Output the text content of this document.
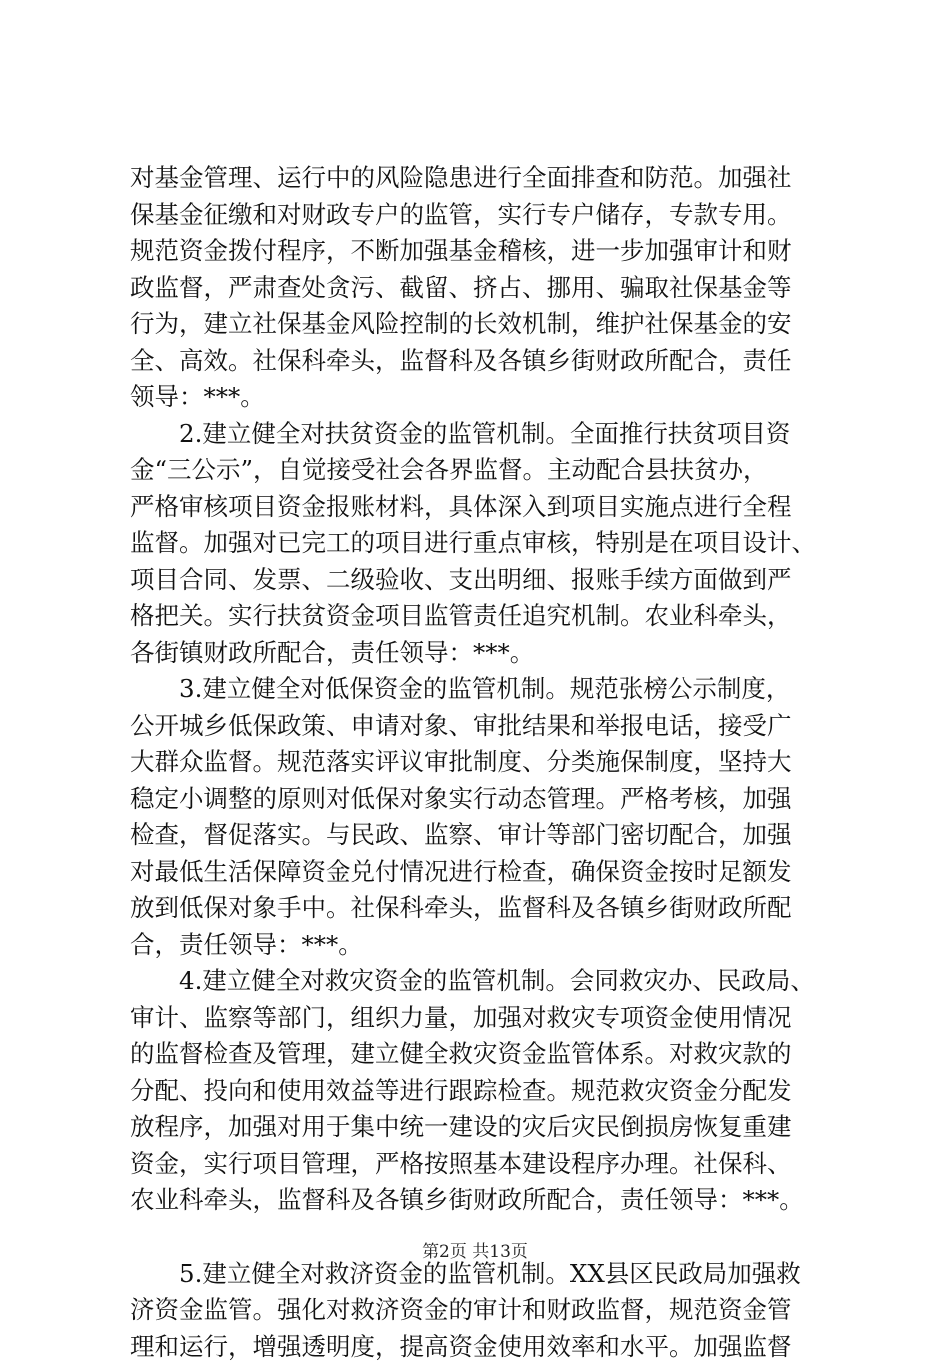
对基金管理、运行中的风险隐患进行全面排查和防范。加强社
保基金征缴和对财政专户的监管，实行专户储存，专款专用。
规范资金拨付程序，不断加强基金稽核，进一步加强审计和财
政监督，严肃查处贪污、截留、挤占、挪用、骗取社保基金等
行为，建立社保基金风险控制的长效机制，维护社保基金的安
全、高效。社保科牵头，监督科及各镇乡街财政所配合，责任
领导：***。
2.建立健全对扶贫资金的监管机制。全面推行扶贫项目资
金“三公示”，自觉接受社会各界监督。主动配合县扶贫办，
严格审核项目资金报账材料，具体深入到项目实施点进行全程
监督。加强对已完工的项目进行重点审核，特别是在项目设计、
项目合同、发票、二级验收、支出明细、报账手续方面做到严
格把关。实行扶贫资金项目监管责任追究机制。农业科牵头，
各街镇财政所配合，责任领导：***。
3.建立健全对低保资金的监管机制。规范张榜公示制度，
公开城乡低保政策、申请对象、审批结果和举报电话，接受广
大群众监督。规范落实评议审批制度、分类施保制度，坚持大
稳定小调整的原则对低保对象实行动态管理。严格考核，加强
检查，督促落实。与民政、监察、审计等部门密切配合，加强
对最低生活保障资金兑付情况进行检查，确保资金按时足额发
放到低保对象手中。社保科牵头，监督科及各镇乡街财政所配
合，责任领导：***。
4.建立健全对救灾资金的监管机制。会同救灾办、民政局、
审计、监察等部门，组织力量，加强对救灾专项资金使用情况
的监督检查及管理，建立健全救灾资金监管体系。对救灾款的
分配、投向和使用效益等进行跟踪检查。规范救灾资金分配发
放程序，加强对用于集中统一建设的灾后灾民倒损房恢复重建
资金，实行项目管理，严格按照基本建设程序办理。社保科、
农业科牵头，监督科及各镇乡街财政所配合，责任领导：***。
5.建立健全对救济资金的监管机制。XX县区民政局加强救
济资金监管。强化对救济资金的审计和财政监督，规范资金管
理和运行，增强透明度，提高资金使用效率和水平。加强监督
第2页 共13页
